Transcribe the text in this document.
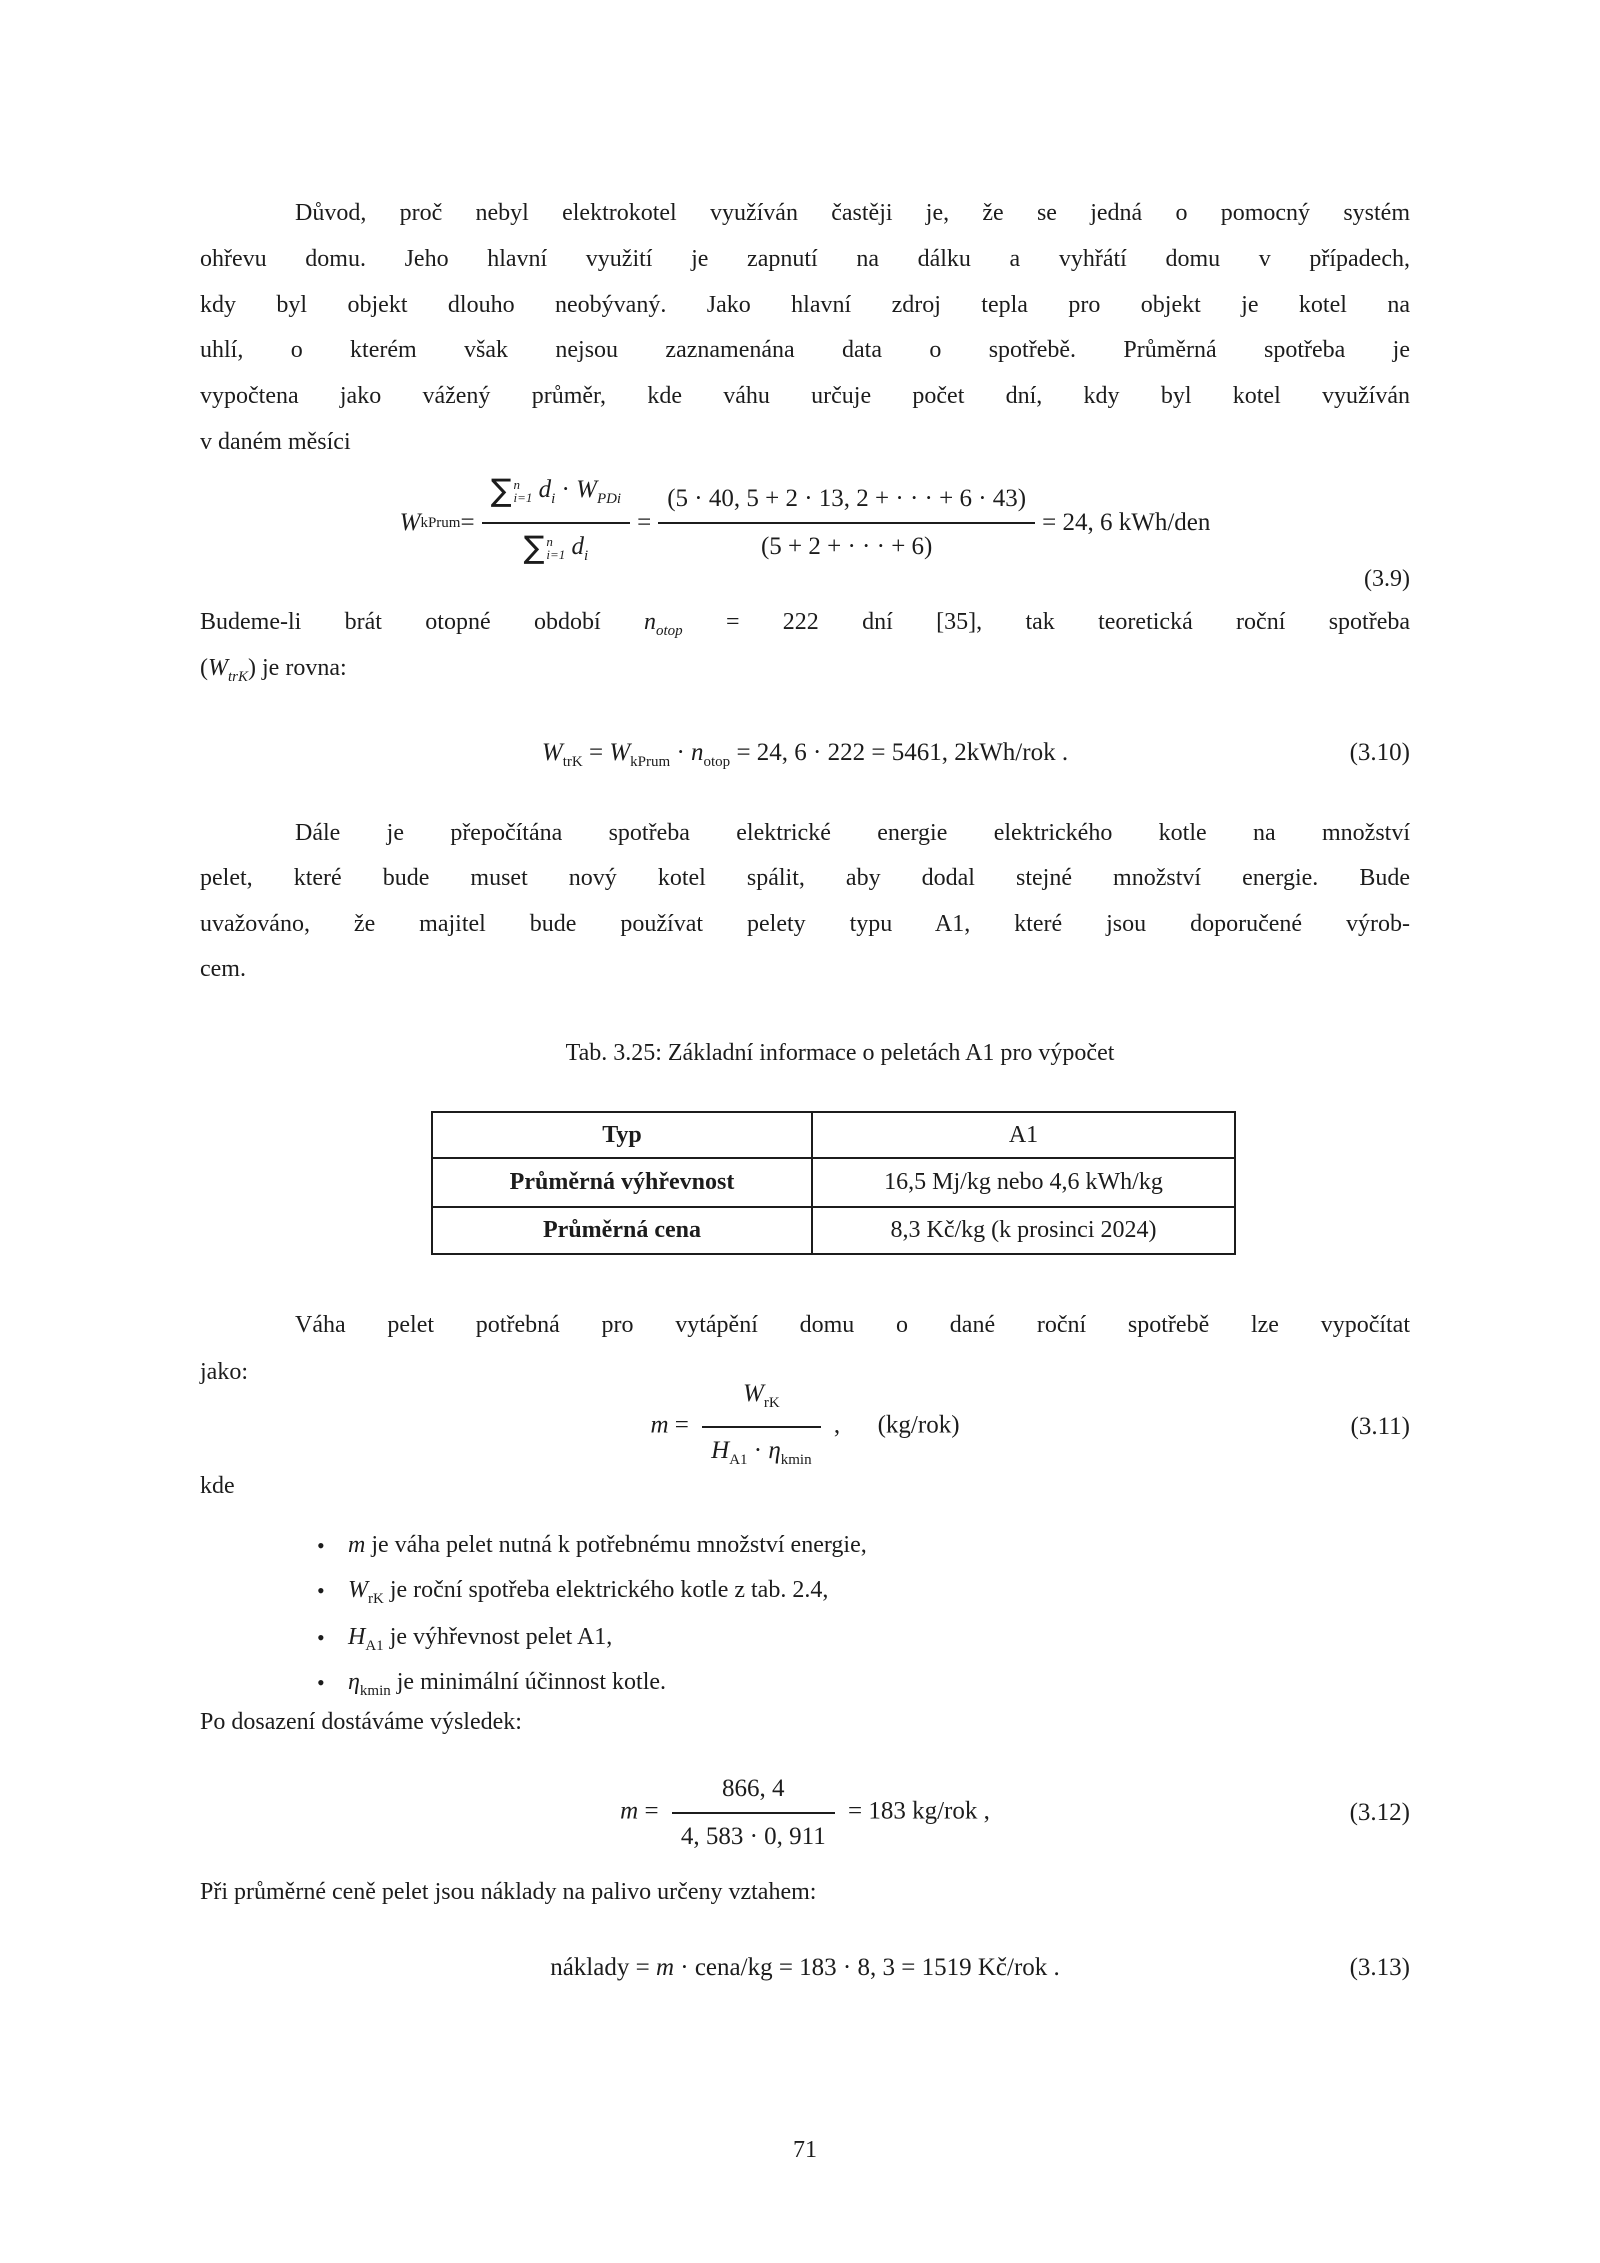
Důvod, proč nebyl elektrokotel využíván častěji je, že se jedná o pomocný systém
ohřevu domu. Jeho hlavní využití je zapnutí na dálku a vyhřátí domu v případech,
kdy byl objekt dlouho neobývaný. Jako hlavní zdroj tepla pro objekt je kotel na
uhlí, o kterém však nejsou zaznamenána data o spotřebě. Průměrná spotřeba je
vypočtena jako vážený průměr, kde váhu určuje počet dní, kdy byl kotel využíván
v daném měsíci
W kPrum = ∑ n
i=1 $d_i \cdot W_{PDi}$
∑ n
i=1 $d_i = \frac{(5 \cdot 40, 5 + 2 \cdot 13, 2 + \cdot \cdot \cdot + 6 \cdot 43)}{(5 + 2 + \cdot \cdot \cdot + 6)} = 24$, 6 kWh/den
(3.9)
Budeme-li brát otopné období $n_{otop} = 222$ dní [35], tak teoretická roční spotřeba
$(W_{trK})$ je rovna:
$W_{trK} = W_{kPrum} \cdot n_{otop} = 24$, 6 · 222 = 5461, 2kWh/rok .	(3.10)
Dále je přepočítána spotřeba elektrické energie elektrického kotle na množství
pelet, které bude muset nový kotel spálit, aby dodal stejné množství energie. Bude
uvažováno, že majitel bude používat pelety typu A1, které jsou doporučené výrob-
cem.
Tab. 3.25: Základní informace o peletách A1 pro výpočet
Typ	A1
Průměrná výhřevnost	16,5 Mj/kg nebo 4,6 kWh/kg
Průměrná cena	8,3 Kč/kg (k prosinci 2024)
Váha pelet potřebná pro vytápění domu o dané roční spotřebě lze vypočítat
jako:
$m = \frac{W_{rK}}{H_{A1} \cdot \eta_{kmin}}$ ,   (kg/rok)	(3.11)
kde
• m je váha pelet nutná k potřebnému množství energie,
• $W_{rK}$ je roční spotřeba elektrického kotle z tab. 2.4,
• $H_{A1}$ je výhřevnost pelet A1,
• $\eta_{kmin}$ je minimální účinnost kotle.
Po dosazení dostáváme výsledek:
$m = \frac{866, 4}{4, 583 \cdot 0, 911} = 183$ kg/rok ,	(3.12)
Při průměrné ceně pelet jsou náklady na palivo určeny vztahem:
náklady = m · cena/kg = 183 · 8, 3 = 1519 Kč/rok .	(3.13)
71
